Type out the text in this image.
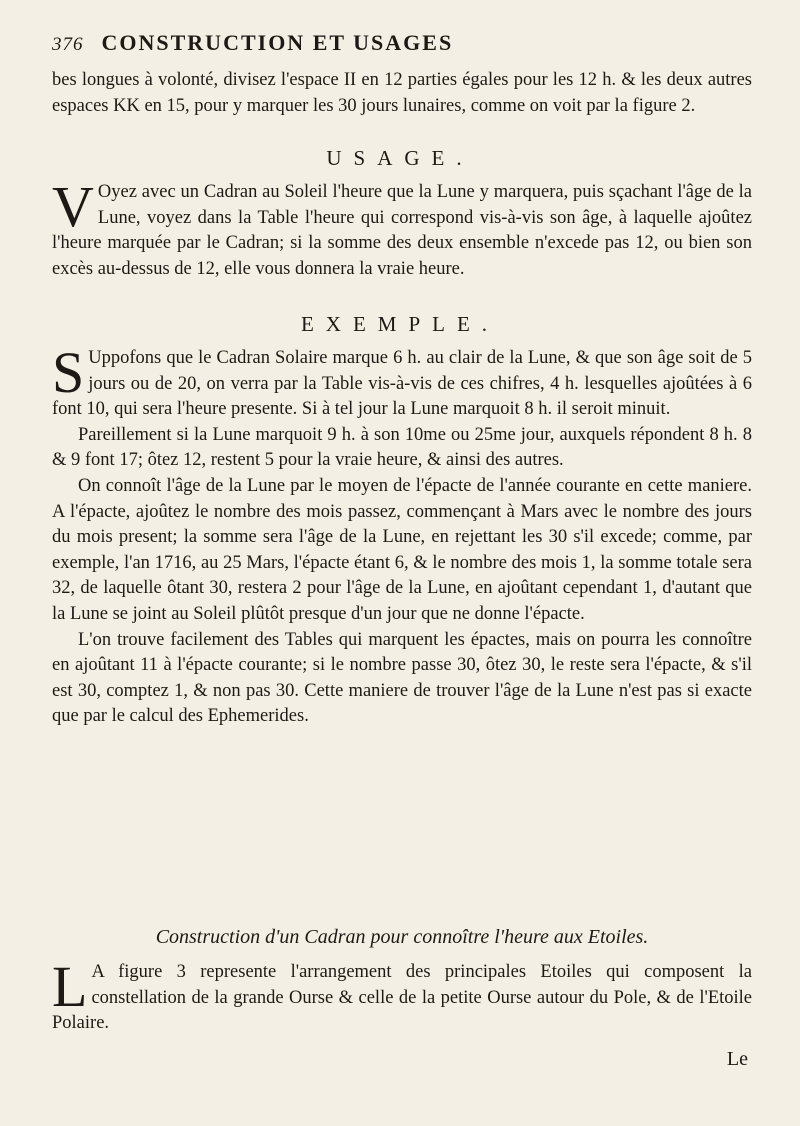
376 CONSTRUCTION ET USAGES
bes longues à volonté, divisez l'espace II en 12 parties égales pour les 12 h. & les deux autres espaces KK en 15, pour y marquer les 30 jours lunaires, comme on voit par la figure 2.
USAGE.
V Oyez avec un Cadran au Soleil l'heure que la Lune y marquera, puis sçachant l'âge de la Lune, voyez dans la Table l'heure qui correspond vis-à-vis son âge, à laquelle ajoûtez l'heure marquée par le Cadran; si la somme des deux ensemble n'excede pas 12, ou bien son excès au-dessus de 12, elle vous donnera la vraie heure.
EXEMPLE.
S Uppofons que le Cadran Solaire marque 6 h. au clair de la Lune, & que son âge soit de 5 jours ou de 20, on verra par la Table vis-à-vis de ces chifres, 4 h. lesquelles ajoûtées à 6 font 10, qui sera l'heure presente. Si à tel jour la Lune marquoit 8 h. il seroit minuit.

Pareillement si la Lune marquoit 9 h. à son 10me ou 25me jour, auxquels répondent 8 h. 8 & 9 font 17; ôtez 12, restent 5 pour la vraie heure, & ainsi des autres.

On connoît l'âge de la Lune par le moyen de l'épacte de l'année courante en cette maniere. A l'épacte, ajoûtez le nombre des mois passez, commençant à Mars avec le nombre des jours du mois present; la somme sera l'âge de la Lune, en rejettant les 30 s'il excede; comme, par exemple, l'an 1716, au 25 Mars, l'épacte étant 6, & le nombre des mois 1, la somme totale sera 32, de laquelle ôtant 30, restera 2 pour l'âge de la Lune, en ajoûtant cependant 1, d'autant que la Lune se joint au Soleil plûtôt presque d'un jour que ne donne l'épacte.

L'on trouve facilement des Tables qui marquent les épactes, mais on pourra les connoître en ajoûtant 11 à l'épacte courante; si le nombre passe 30, ôtez 30, le reste sera l'épacte, & s'il est 30, comptez 1, & non pas 30. Cette maniere de trouver l'âge de la Lune n'est pas si exacte que par le calcul des Ephemerides.

Construction d'un Cadran pour connoître l'heure aux Etoiles.
L A figure 3 represente l'arrangement des principales Etoiles qui composent la constellation de la grande Ourse & celle de la petite Ourse autour du Pole, & de l'Etoile Polaire.
Le
